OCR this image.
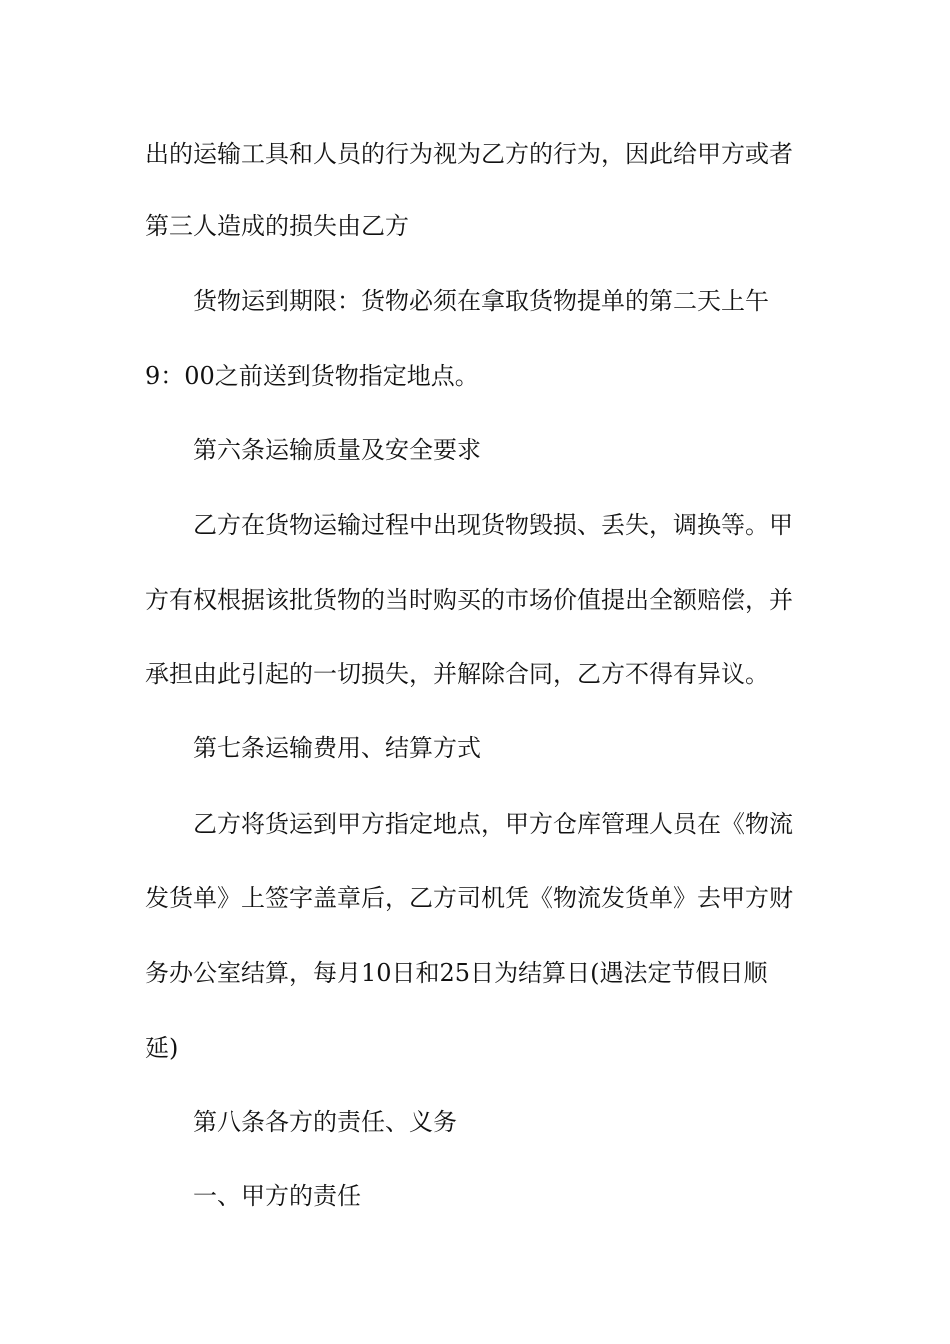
出的运输工具和人员的行为视为乙方的行为，因此给甲方或者
第三人造成的损失由乙方
货物运到期限：货物必须在拿取货物提单的第二天上午
9：00之前送到货物指定地点。
第六条运输质量及安全要求
乙方在货物运输过程中出现货物毁损、丢失，调换等。甲
方有权根据该批货物的当时购买的市场价值提出全额赔偿，并
承担由此引起的一切损失，并解除合同，乙方不得有异议。
第七条运输费用、结算方式
乙方将货运到甲方指定地点，甲方仓库管理人员在《物流
发货单》上签字盖章后，乙方司机凭《物流发货单》去甲方财
务办公室结算，每月10日和25日为结算日(遇法定节假日顺
延)
第八条各方的责任、义务
一、甲方的责任
